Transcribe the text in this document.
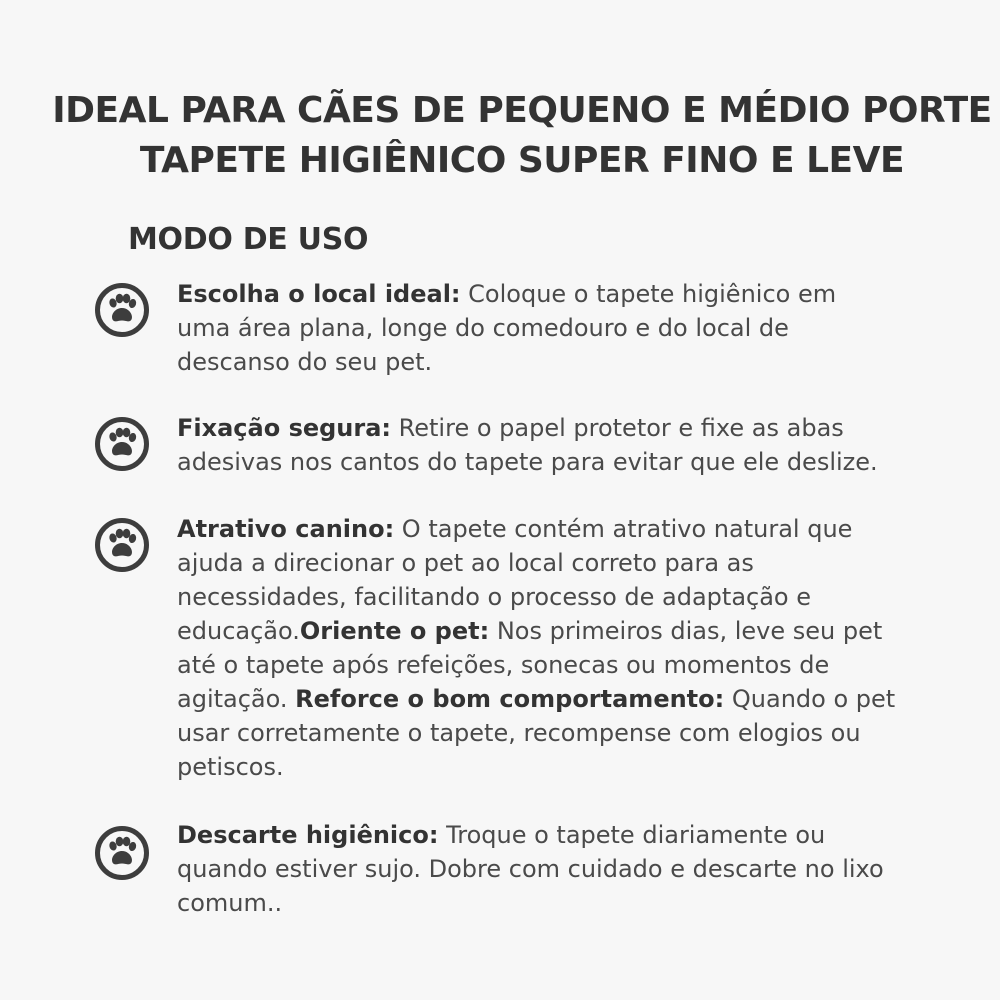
IDEAL PARA CÃES DE PEQUENO E MÉDIO PORTE
TAPETE HIGIÊNICO SUPER FINO E LEVE
MODO DE USO

Escolha o local ideal: Coloque o tapete higiênico em uma área plana, longe do comedouro e do local de descanso do seu pet.

Fixação segura: Retire o papel protetor e fixe as abas adesivas nos cantos do tapete para evitar que ele deslize.

Atrativo canino: O tapete contém atrativo natural que ajuda a direcionar o pet ao local correto para as necessidades, facilitando o processo de adaptação e educação.Oriente o pet: Nos primeiros dias, leve seu pet até o tapete após refeições, sonecas ou momentos de agitação. Reforce o bom comportamento: Quando o pet usar corretamente o tapete, recompense com elogios ou petiscos.

Descarte higiênico: Troque o tapete diariamente ou quando estiver sujo. Dobre com cuidado e descarte no lixo comum..
